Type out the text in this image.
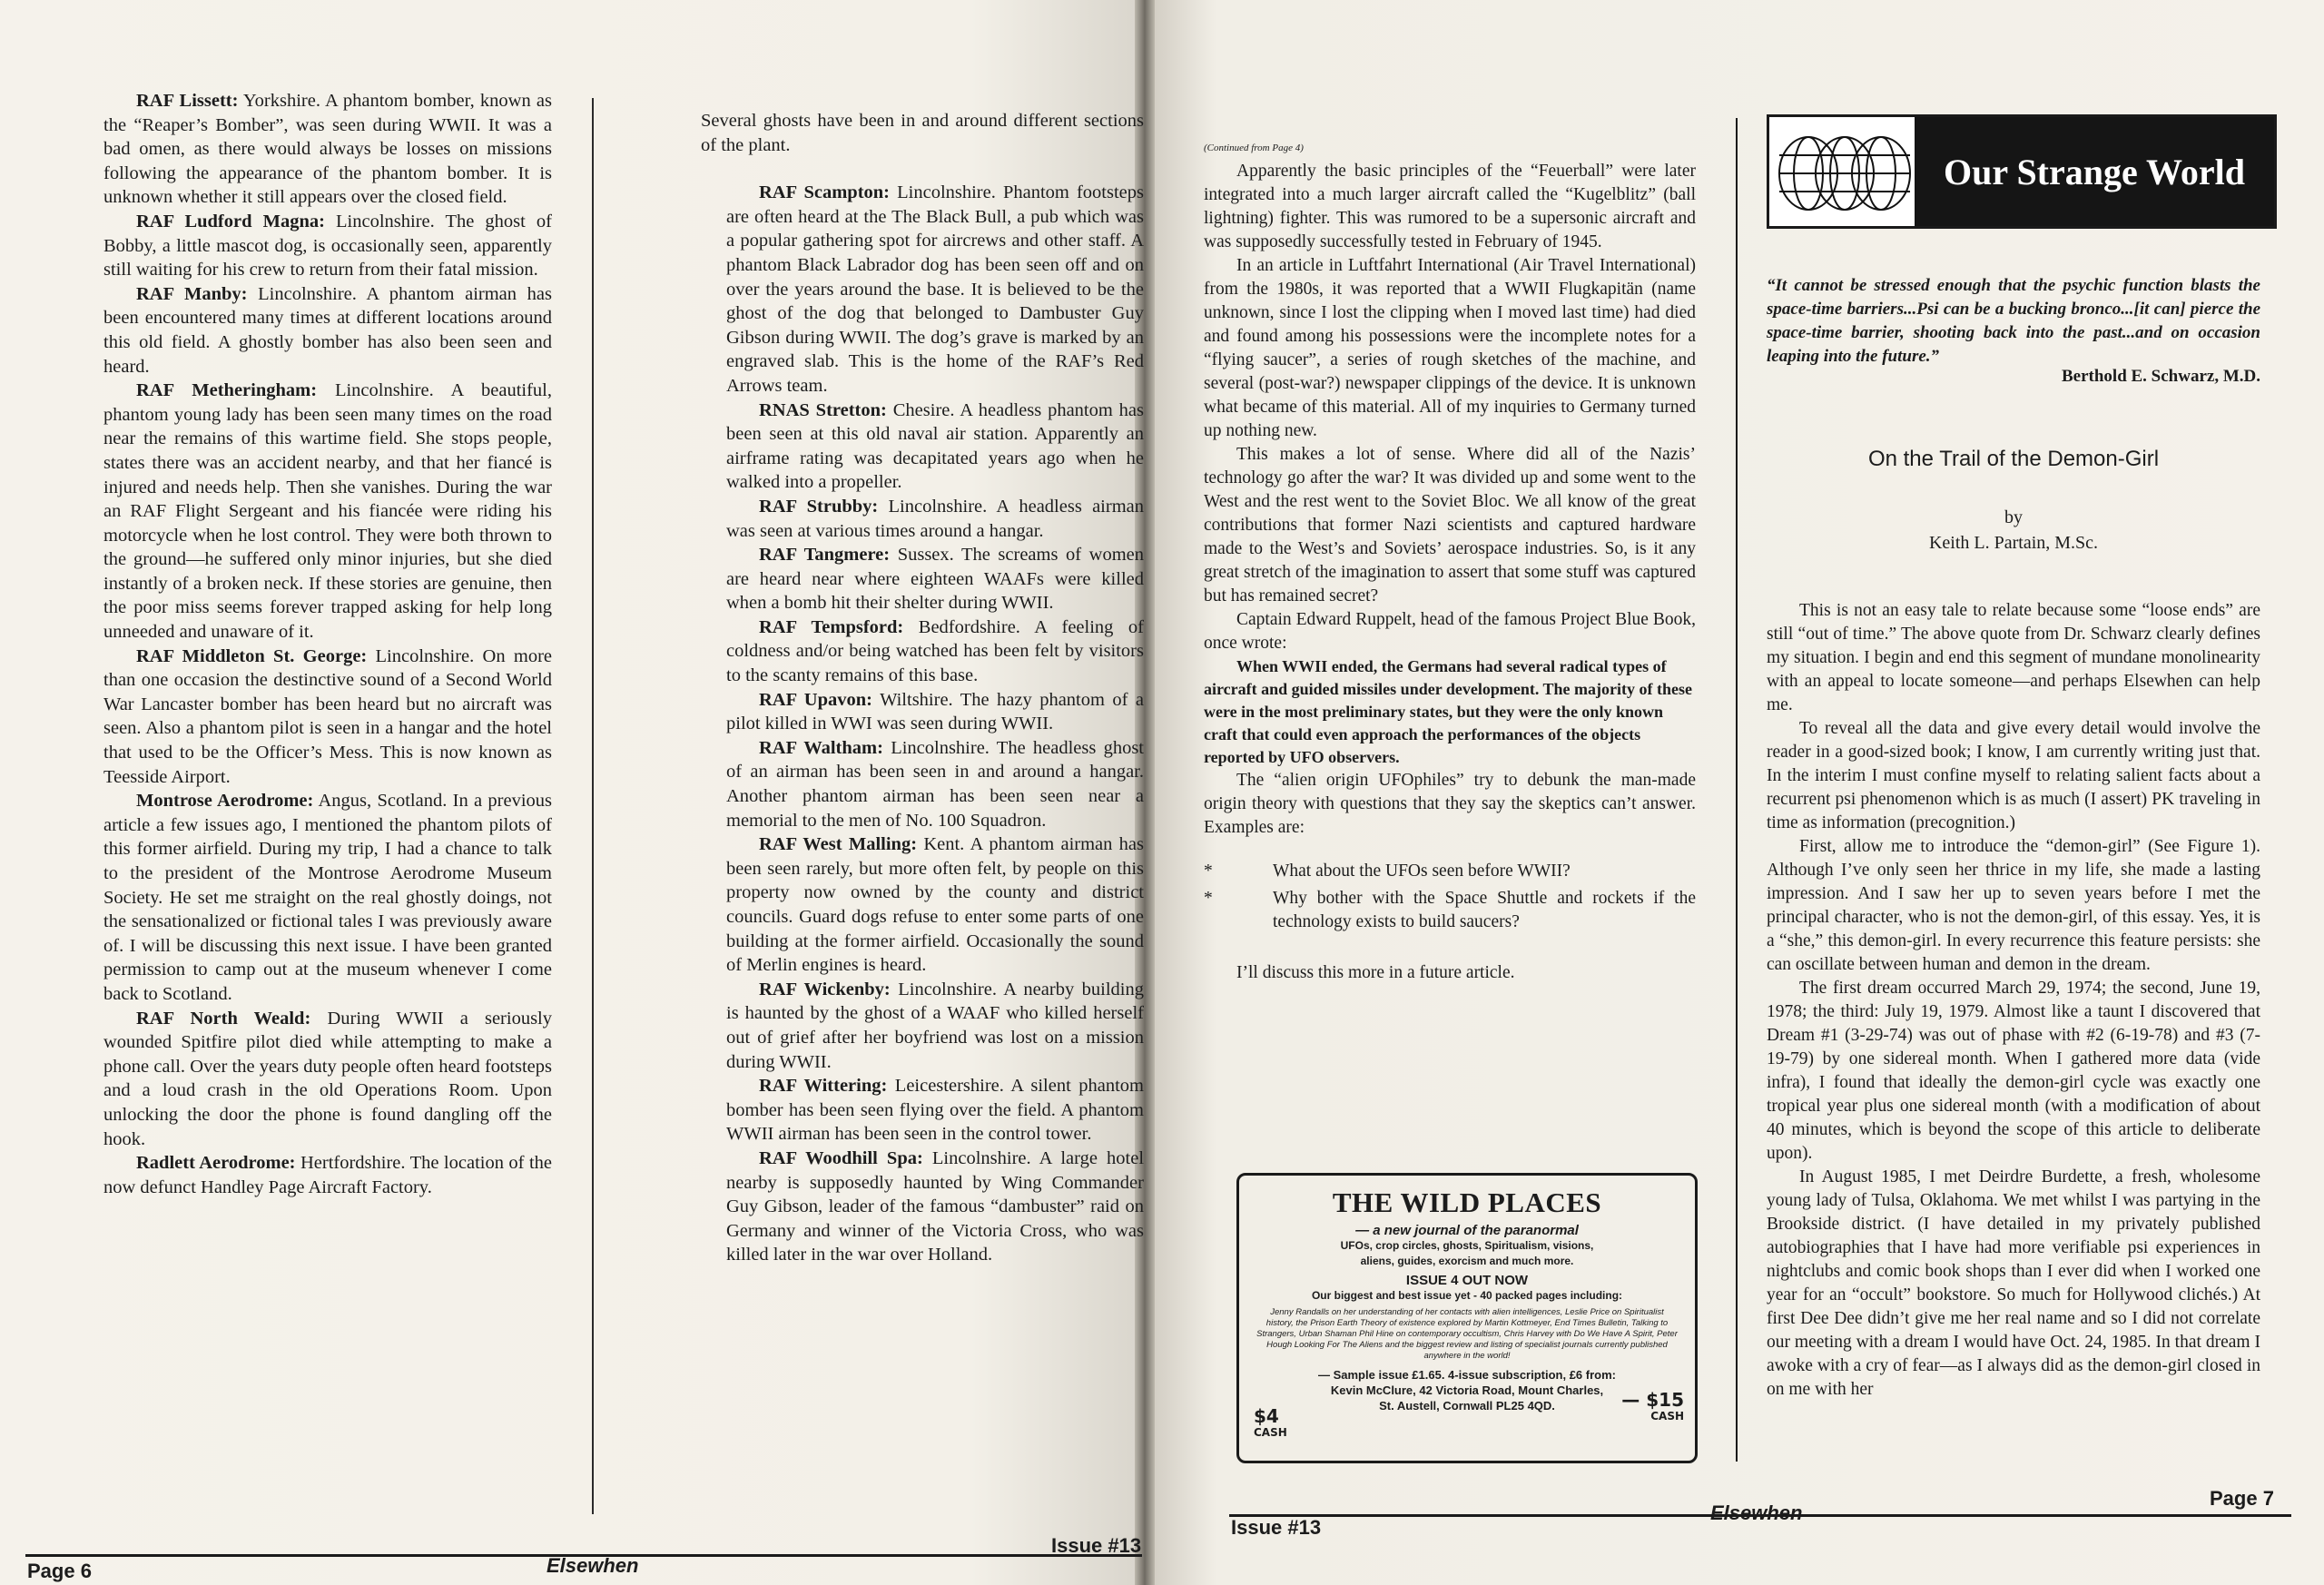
RAF Lissett: Yorkshire. A phantom bomber, known as the “Reaper’s Bomber”, was seen during WWII. It was a bad omen, as there would always be losses on missions following the appearance of the phantom bomber. It is unknown whether it still appears over the closed field.

RAF Ludford Magna: Lincolnshire. The ghost of Bobby, a little mascot dog, is occasionally seen, apparently still waiting for his crew to return from their fatal mission.

RAF Manby: Lincolnshire. A phantom airman has been encountered many times at different locations around this old field. A ghostly bomber has also been seen and heard.

RAF Metheringham: Lincolnshire. A beautiful, phantom young lady has been seen many times on the road near the remains of this wartime field. She stops people, states there was an accident nearby, and that her fiancé is injured and needs help. Then she vanishes. During the war an RAF Flight Sergeant and his fiancée were riding his motorcycle when he lost control. They were both thrown to the ground—he suffered only minor injuries, but she died instantly of a broken neck. If these stories are genuine, then the poor miss seems forever trapped asking for help long unneeded and unaware of it.

RAF Middleton St. George: Lincolnshire. On more than one occasion the destinctive sound of a Second World War Lancaster bomber has been heard but no aircraft was seen. Also a phantom pilot is seen in a hangar and the hotel that used to be the Officer’s Mess. This is now known as Teesside Airport.

Montrose Aerodrome: Angus, Scotland. In a previous article a few issues ago, I mentioned the phantom pilots of this former airfield. During my trip, I had a chance to talk to the president of the Montrose Aerodrome Museum Society. He set me straight on the real ghostly doings, not the sensationalized or fictional tales I was previously aware of. I will be discussing this next issue. I have been granted permission to camp out at the museum whenever I come back to Scotland.

RAF North Weald: During WWII a seriously wounded Spitfire pilot died while attempting to make a phone call. Over the years duty people often heard footsteps and a loud crash in the old Operations Room. Upon unlocking the door the phone is found dangling off the hook.

Radlett Aerodrome: Hertfordshire. The location of the now defunct Handley Page Aircraft Factory.

Several ghosts have been in and around different sections of the plant.

RAF Scampton: Lincolnshire. Phantom footsteps are often heard at the The Black Bull, a pub which was a popular gathering spot for aircrews and other staff. A phantom Black Labrador dog has been seen off and on over the years around the base. It is believed to be the ghost of the dog that belonged to Dambuster Guy Gibson during WWII. The dog’s grave is marked by an engraved slab. This is the home of the RAF’s Red Arrows team.

RNAS Stretton: Chesire. A headless phantom has been seen at this old naval air station. Apparently an airframe rating was decapitated years ago when he walked into a propeller.

RAF Strubby: Lincolnshire. A headless airman was seen at various times around a hangar.

RAF Tangmere: Sussex. The screams of women are heard near where eighteen WAAFs were killed when a bomb hit their shelter during WWII.

RAF Tempsford: Bedfordshire. A feeling of coldness and/or being watched has been felt by visitors to the scanty remains of this base.

RAF Upavon: Wiltshire. The hazy phantom of a pilot killed in WWI was seen during WWII.

RAF Waltham: Lincolnshire. The headless ghost of an airman has been seen in and around a hangar. Another phantom airman has been seen near a memorial to the men of No. 100 Squadron.

RAF West Malling: Kent. A phantom airman has been seen rarely, but more often felt, by people on this property now owned by the county and district councils. Guard dogs refuse to enter some parts of one building at the former airfield. Occasionally the sound of Merlin engines is heard.

RAF Wickenby: Lincolnshire. A nearby building is haunted by the ghost of a WAAF who killed herself out of grief after her boyfriend was lost on a mission during WWII.

RAF Wittering: Leicestershire. A silent phantom bomber has been seen flying over the field. A phantom WWII airman has been seen in the control tower.

RAF Woodhill Spa: Lincolnshire. A large hotel nearby is supposedly haunted by Wing Commander Guy Gibson, leader of the famous “dambuster” raid on Germany and winner of the Victoria Cross, who was killed later in the war over Holland.

Page 6	Elsewhen
Issue #13

(Continued from Page 4)

Apparently the basic principles of the “Feuerball” were later integrated into a much larger aircraft called the “Kugelblitz” (ball lightning) fighter. This was rumored to be a supersonic aircraft and was supposedly successfully tested in February of 1945.

In an article in Luftfahrt International (Air Travel International) from the 1980s, it was reported that a WWII Flugkapitän (name unknown, since I lost the clipping when I moved last time) had died and found among his possessions were the incomplete notes for a “flying saucer”, a series of rough sketches of the machine, and several (post-war?) newspaper clippings of the device. It is unknown what became of this material. All of my inquiries to Germany turned up nothing new.

This makes a lot of sense. Where did all of the Nazis’ technology go after the war? It was divided up and some went to the West and the rest went to the Soviet Bloc. We all know of the great contributions that former Nazi scientists and captured hardware made to the West’s and Soviets’ aerospace industries. So, is it any great stretch of the imagination to assert that some stuff was captured but has remained secret?

Captain Edward Ruppelt, head of the famous Project Blue Book, once wrote:

When WWII ended, the Germans had several radical types of aircraft and guided missiles under development. The majority of these were in the most preliminary states, but they were the only known craft that could even approach the performances of the objects reported by UFO observers.

The “alien origin UFOphiles” try to debunk the man-made origin theory with questions that they say the skeptics can’t answer. Examples are:

*	What about the UFOs seen before WWII?
*	Why bother with the Space Shuttle and rockets if the technology exists to build saucers?

I’ll discuss this more in a future article.

THE WILD PLACES
— a new journal of the paranormal
UFOs, crop circles, ghosts, Spiritualism, visions,
aliens, guides, exorcism and much more.
ISSUE 4 OUT NOW
Our biggest and best issue yet - 40 packed pages including:
Jenny Randalls on her understanding of her contacts with alien intelligences, Leslie Price on Spiritualist history, the Prison Earth Theory of existence explored by Martin Kottmeyer, End Times Bulletin, Talking to Strangers, Urban Shaman Phil Hine on contemporary occultism, Chris Harvey with Do We Have A Spirit, Peter Hough Looking For The Aliens and the biggest review and listing of specialist journals currently published anywhere in the world!
— Sample issue £1.65. 4-issue subscription, £6 from:
Kevin McClure, 42 Victoria Road, Mount Charles,
St. Austell, Cornwall PL25 4QD.
$4
CASH
— $15
CASH
Our Strange World
“It cannot be stressed enough that the psychic function blasts the space-time barriers...Psi can be a bucking bronco...[it can] pierce the space-time barrier, shooting back into the past...and on occasion leaping into the future.”
Berthold E. Schwarz, M.D.
On the Trail of the Demon-Girl
by
Keith L. Partain, M.Sc.

This is not an easy tale to relate because some “loose ends” are still “out of time.” The above quote from Dr. Schwarz clearly defines my situation. I begin and end this segment of mundane monolinearity with an appeal to locate someone—and perhaps Elsewhen can help me.

To reveal all the data and give every detail would involve the reader in a good-sized book; I know, I am currently writing just that. In the interim I must confine myself to relating salient facts about a recurrent psi phenomenon which is as much (I assert) PK traveling in time as information (precognition.)

First, allow me to introduce the “demon-girl” (See Figure 1). Although I’ve only seen her thrice in my life, she made a lasting impression. And I saw her up to seven years before I met the principal character, who is not the demon-girl, of this essay. Yes, it is a “she,” this demon-girl. In every recurrence this feature persists: she can oscillate between human and demon in the dream.

The first dream occurred March 29, 1974; the second, June 19, 1978; the third: July 19, 1979. Almost like a taunt I discovered that Dream #1 (3-29-74) was out of phase with #2 (6-19-78) and #3 (7-19-79) by one sidereal month. When I gathered more data (vide infra), I found that ideally the demon-girl cycle was exactly one tropical year plus one sidereal month (with a modification of about 40 minutes, which is beyond the scope of this article to deliberate upon).

In August 1985, I met Deirdre Burdette, a fresh, wholesome young lady of Tulsa, Oklahoma. We met whilst I was partying in the Brookside district. (I have detailed in my privately published autobiographies that I have had more verifiable psi experiences in nightclubs and comic book shops than I ever did when I worked one year for an “occult” bookstore. So much for Hollywood clichés.) At first Dee Dee didn’t give me her real name and so I did not correlate our meeting with a dream I would have Oct. 24, 1985. In that dream I awoke with a cry of fear—as I always did as the demon-girl closed in on me with her

Issue #13
Elsewhen
Page 7
